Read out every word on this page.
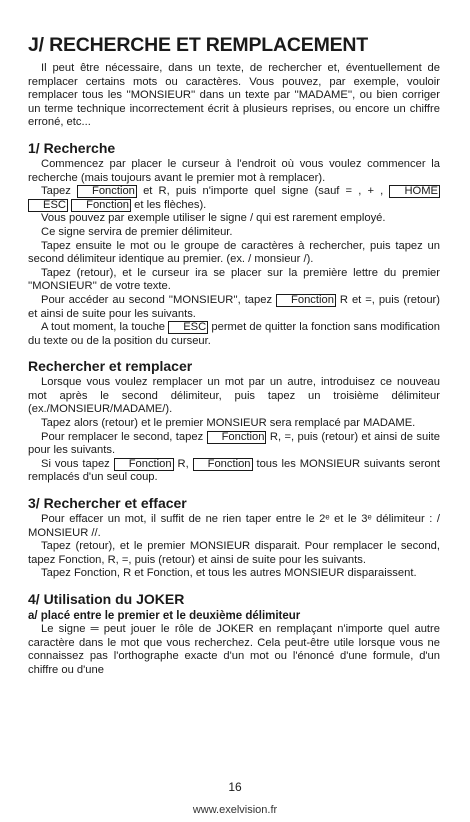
J/ RECHERCHE ET REMPLACEMENT

Il peut être nécessaire, dans un texte, de rechercher et, éventuellement de remplacer certains mots ou caractères. Vous pouvez, par exemple, vouloir remplacer tous les ''MONSIEUR'' dans un texte par ''MADAME'', ou bien corriger un terme technique incorrectement écrit à plusieurs reprises, ou encore un chiffre erroné, etc...

1/ Recherche

Commencez par placer le curseur à l'endroit où vous voulez commencer la recherche (mais toujours avant le premier mot à remplacer).

Tapez Fonction et R, puis n'importe quel signe (sauf = , + , HOME ESC Fonction et les flèches).

Vous pouvez par exemple utiliser le signe / qui est rarement employé.

Ce signe servira de premier délimiteur.

Tapez ensuite le mot ou le groupe de caractères à rechercher, puis tapez un second délimiteur identique au premier. (ex. / monsieur /).

Tapez (retour), et le curseur ira se placer sur la première lettre du premier ''MONSIEUR'' de votre texte.

Pour accéder au second ''MONSIEUR'', tapez Fonction R et =, puis (retour) et ainsi de suite pour les suivants.

A tout moment, la touche ESC permet de quitter la fonction sans modification du texte ou de la position du curseur.

Rechercher et remplacer

Lorsque vous voulez remplacer un mot par un autre, introduisez ce nouveau mot après le second délimiteur, puis tapez un troisième délimiteur (ex./MONSIEUR/MADAME/).

Tapez alors (retour) et le premier MONSIEUR sera remplacé par MADAME.

Pour remplacer le second, tapez Fonction R, =, puis (retour) et ainsi de suite pour les suivants.

Si vous tapez Fonction R, Fonction tous les MONSIEUR suivants seront remplacés d'un seul coup.

3/ Rechercher et effacer

Pour effacer un mot, il suffit de ne rien taper entre le 2ᵉ et le 3ᵉ délimiteur : / MONSIEUR //.

Tapez (retour), et le premier MONSIEUR disparait. Pour remplacer le second, tapez Fonction, R, =, puis (retour) et ainsi de suite pour les suivants.

Tapez Fonction, R et Fonction, et tous les autres MONSIEUR disparaissent.

4/ Utilisation du JOKER
a/ placé entre le premier et le deuxième délimiteur

Le signe ═ peut jouer le rôle de JOKER en remplaçant n'importe quel autre caractère dans le mot que vous recherchez. Cela peut-être utile lorsque vous ne connaissez pas l'orthographe exacte d'un mot ou l'énoncé d'une formule, d'un chiffre ou d'une

16
www.exelvision.fr
